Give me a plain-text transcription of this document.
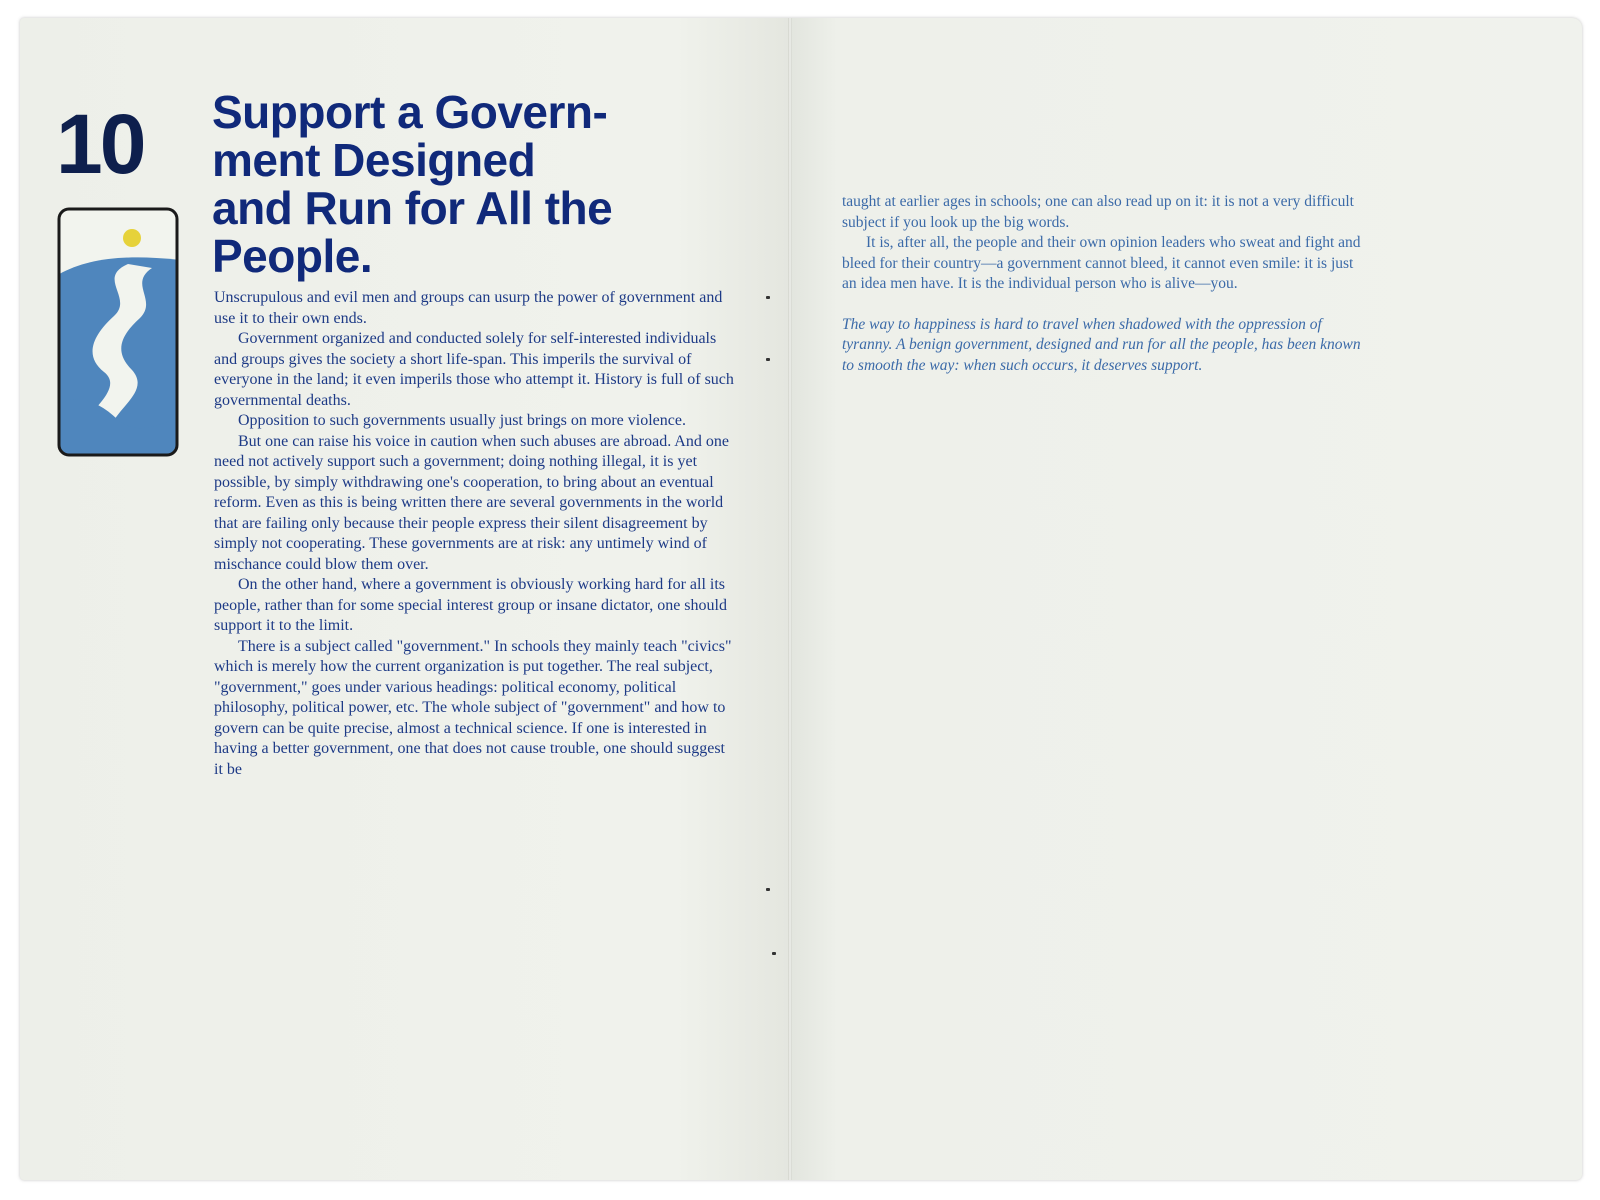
10 Support a Govern-
ment Designed
and Run for All the
People.

Unscrupulous and evil men and groups can usurp the power of government and use it to their own ends.

Government organized and conducted solely for self-interested individuals and groups gives the society a short life-span. This imperils the survival of everyone in the land; it even imperils those who attempt it. History is full of such governmental deaths.

Opposition to such governments usually just brings on more violence.

But one can raise his voice in caution when such abuses are abroad. And one need not actively support such a government; doing nothing illegal, it is yet possible, by simply withdrawing one's cooperation, to bring about an eventual reform. Even as this is being written there are several governments in the world that are failing only because their people express their silent disagreement by simply not cooperating. These governments are at risk: any untimely wind of mischance could blow them over.

On the other hand, where a government is obviously working hard for all its people, rather than for some special interest group or insane dictator, one should support it to the limit.

There is a subject called "government." In schools they mainly teach "civics" which is merely how the current organization is put together. The real subject, "government," goes under various headings: political economy, political philosophy, political power, etc. The whole subject of "government" and how to govern can be quite precise, almost a technical science. If one is interested in having a better government, one that does not cause trouble, one should suggest it be

taught at earlier ages in schools; one can also read up on it: it is not a very difficult subject if you look up the big words.

It is, after all, the people and their own opinion leaders who sweat and fight and bleed for their country—a government cannot bleed, it cannot even smile: it is just an idea men have. It is the individual person who is alive—you.

The way to happiness is hard to travel when shadowed with the oppression of tyranny. A benign government, designed and run for all the people, has been known to smooth the way: when such occurs, it deserves support.
